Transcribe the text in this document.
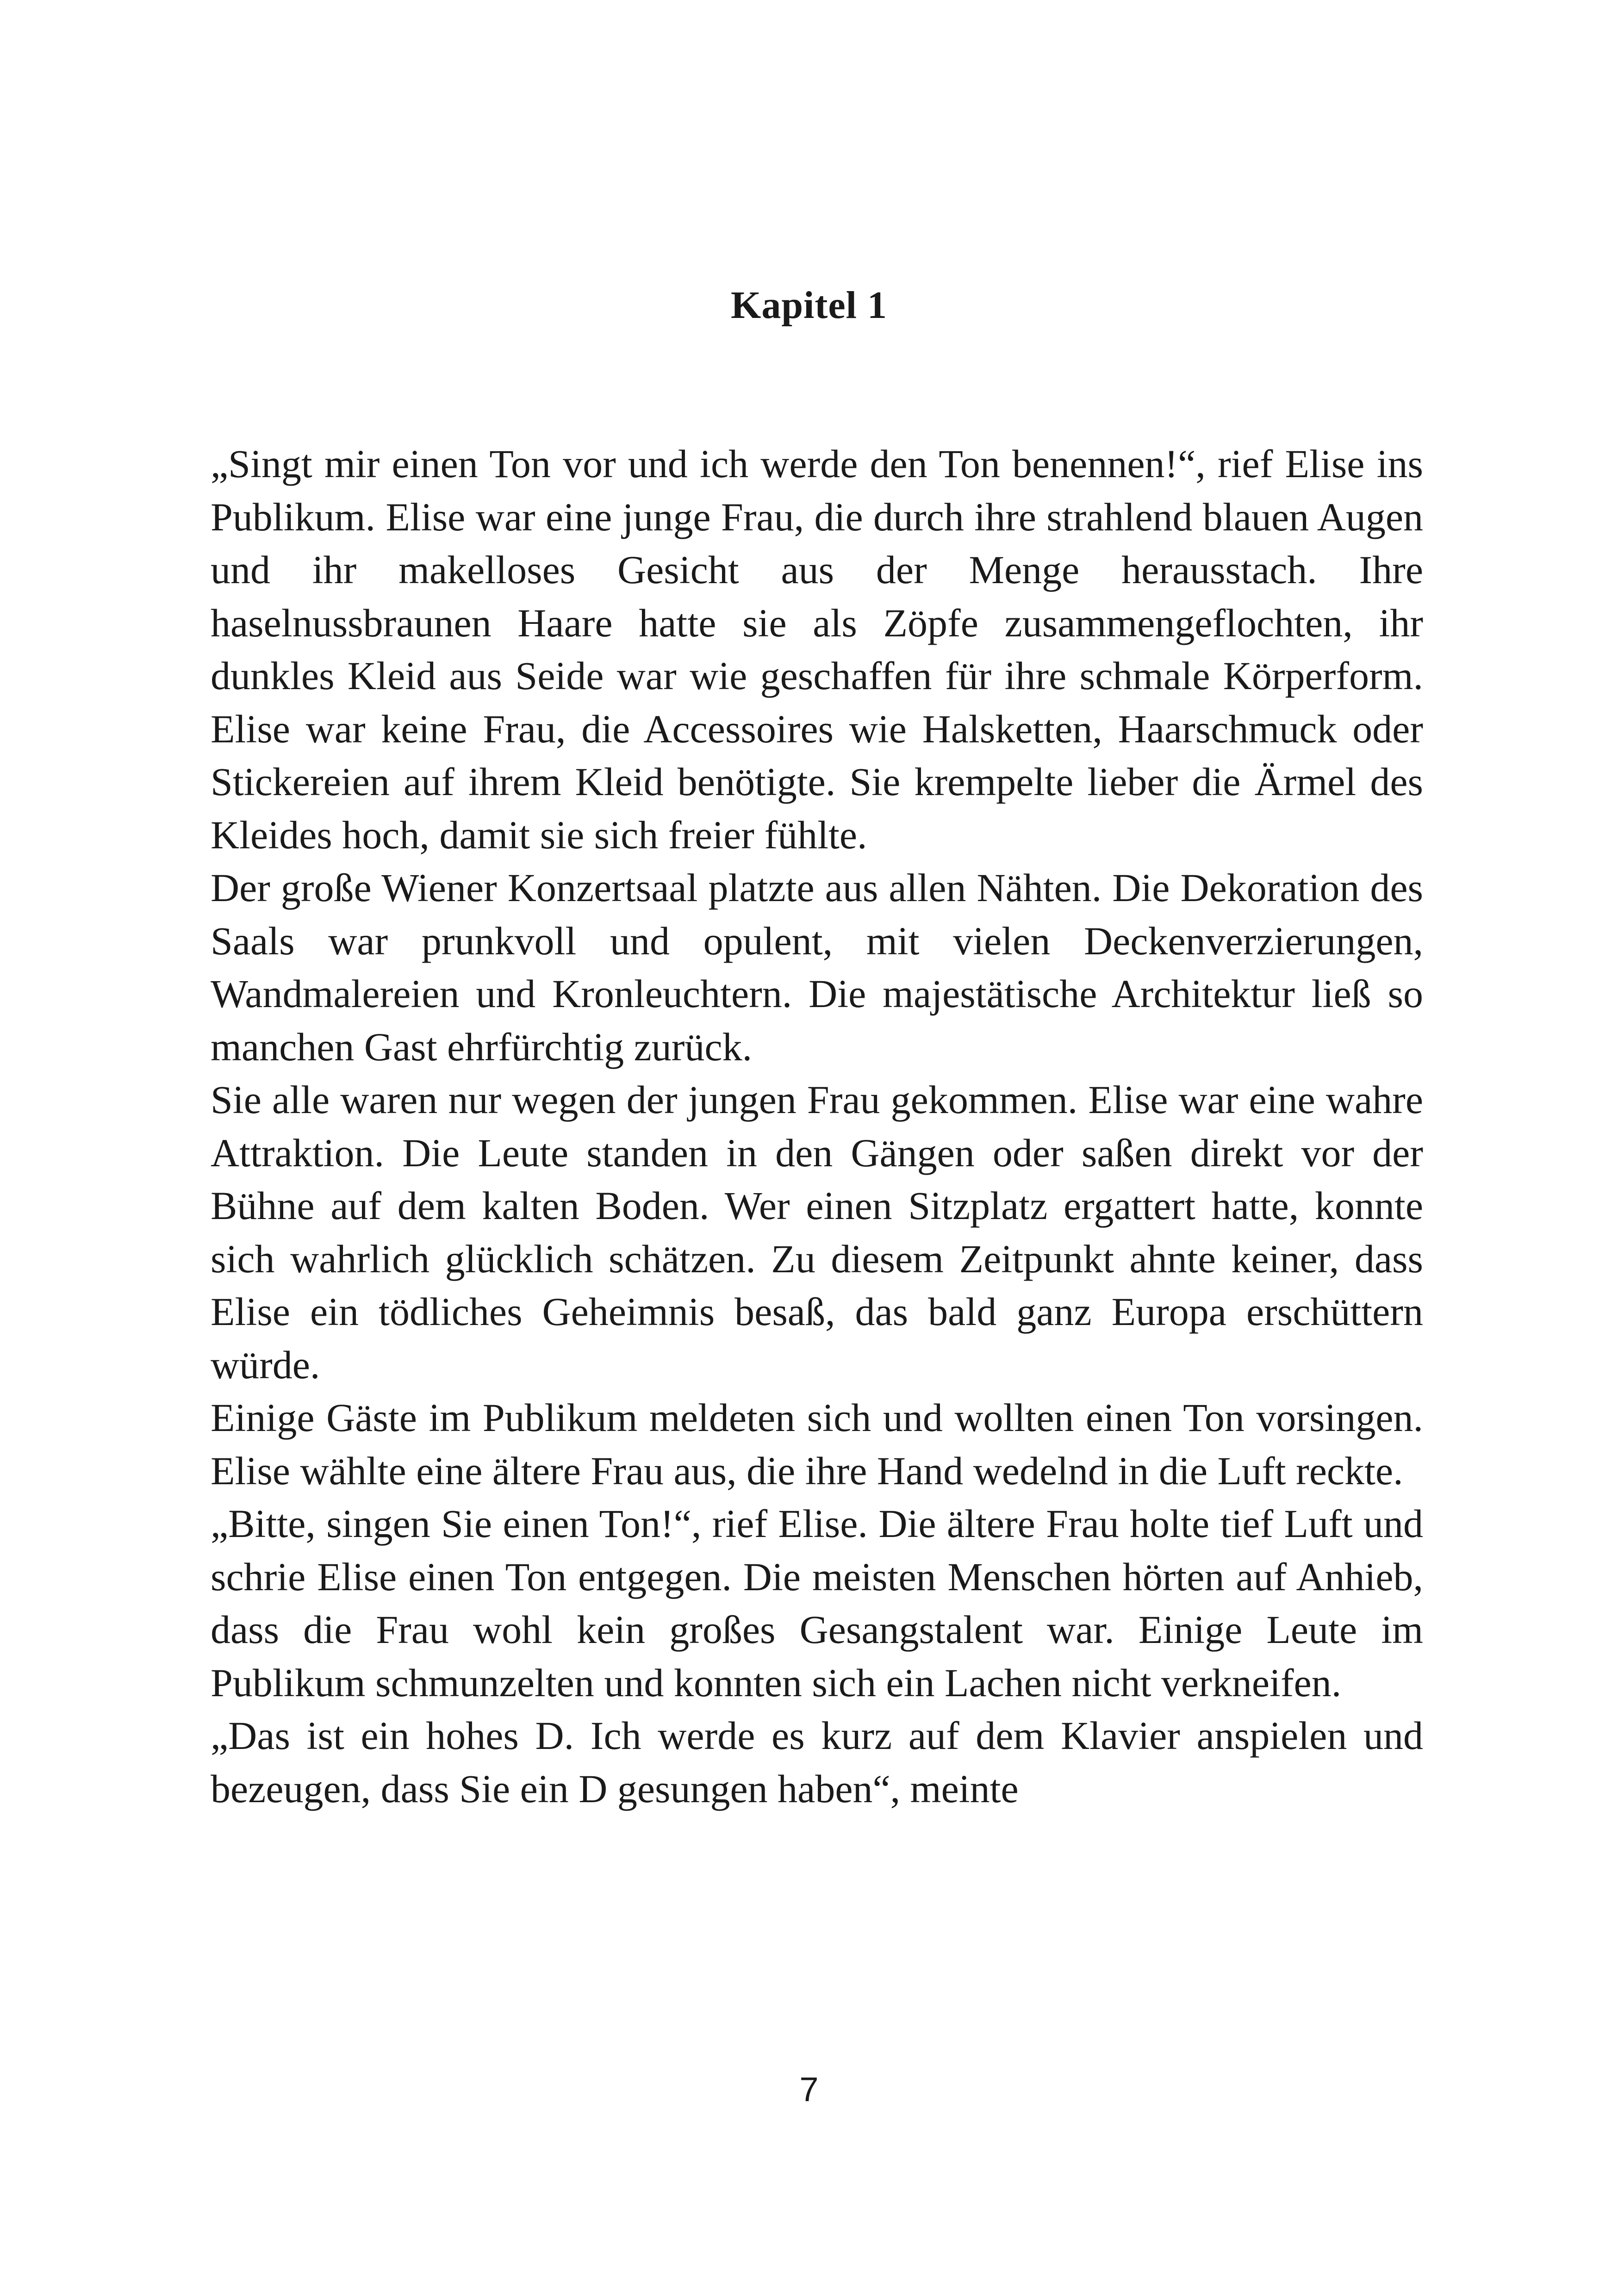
Kapitel 1

„Singt mir einen Ton vor und ich werde den Ton benennen!“, rief Elise ins Publikum. Elise war eine junge Frau, die durch ihre strahlend blauen Augen und ihr makelloses Gesicht aus der Menge herausstach. Ihre haselnussbraunen Haare hatte sie als Zöpfe zusammengeflochten, ihr dunkles Kleid aus Seide war wie geschaffen für ihre schmale Körperform. Elise war keine Frau, die Accessoires wie Halsketten, Haarschmuck oder Stickereien auf ihrem Kleid benötigte. Sie krempelte lieber die Ärmel des Kleides hoch, damit sie sich freier fühlte.

Der große Wiener Konzertsaal platzte aus allen Nähten. Die Dekoration des Saals war prunkvoll und opulent, mit vielen Deckenverzierungen, Wandmalereien und Kronleuchtern. Die majestätische Architektur ließ so manchen Gast ehrfürchtig zurück.

Sie alle waren nur wegen der jungen Frau gekommen. Elise war eine wahre Attraktion. Die Leute standen in den Gängen oder saßen direkt vor der Bühne auf dem kalten Boden. Wer einen Sitzplatz ergattert hatte, konnte sich wahrlich glücklich schätzen. Zu diesem Zeitpunkt ahnte keiner, dass Elise ein tödliches Geheimnis besaß, das bald ganz Europa erschüttern würde.

Einige Gäste im Publikum meldeten sich und wollten einen Ton vorsingen. Elise wählte eine ältere Frau aus, die ihre Hand wedelnd in die Luft reckte.

„Bitte, singen Sie einen Ton!“, rief Elise. Die ältere Frau holte tief Luft und schrie Elise einen Ton entgegen. Die meisten Menschen hörten auf Anhieb, dass die Frau wohl kein großes Gesangstalent war. Einige Leute im Publikum schmunzelten und konnten sich ein Lachen nicht verkneifen.

„Das ist ein hohes D. Ich werde es kurz auf dem Klavier anspielen und bezeugen, dass Sie ein D gesungen haben“, meinte

7
